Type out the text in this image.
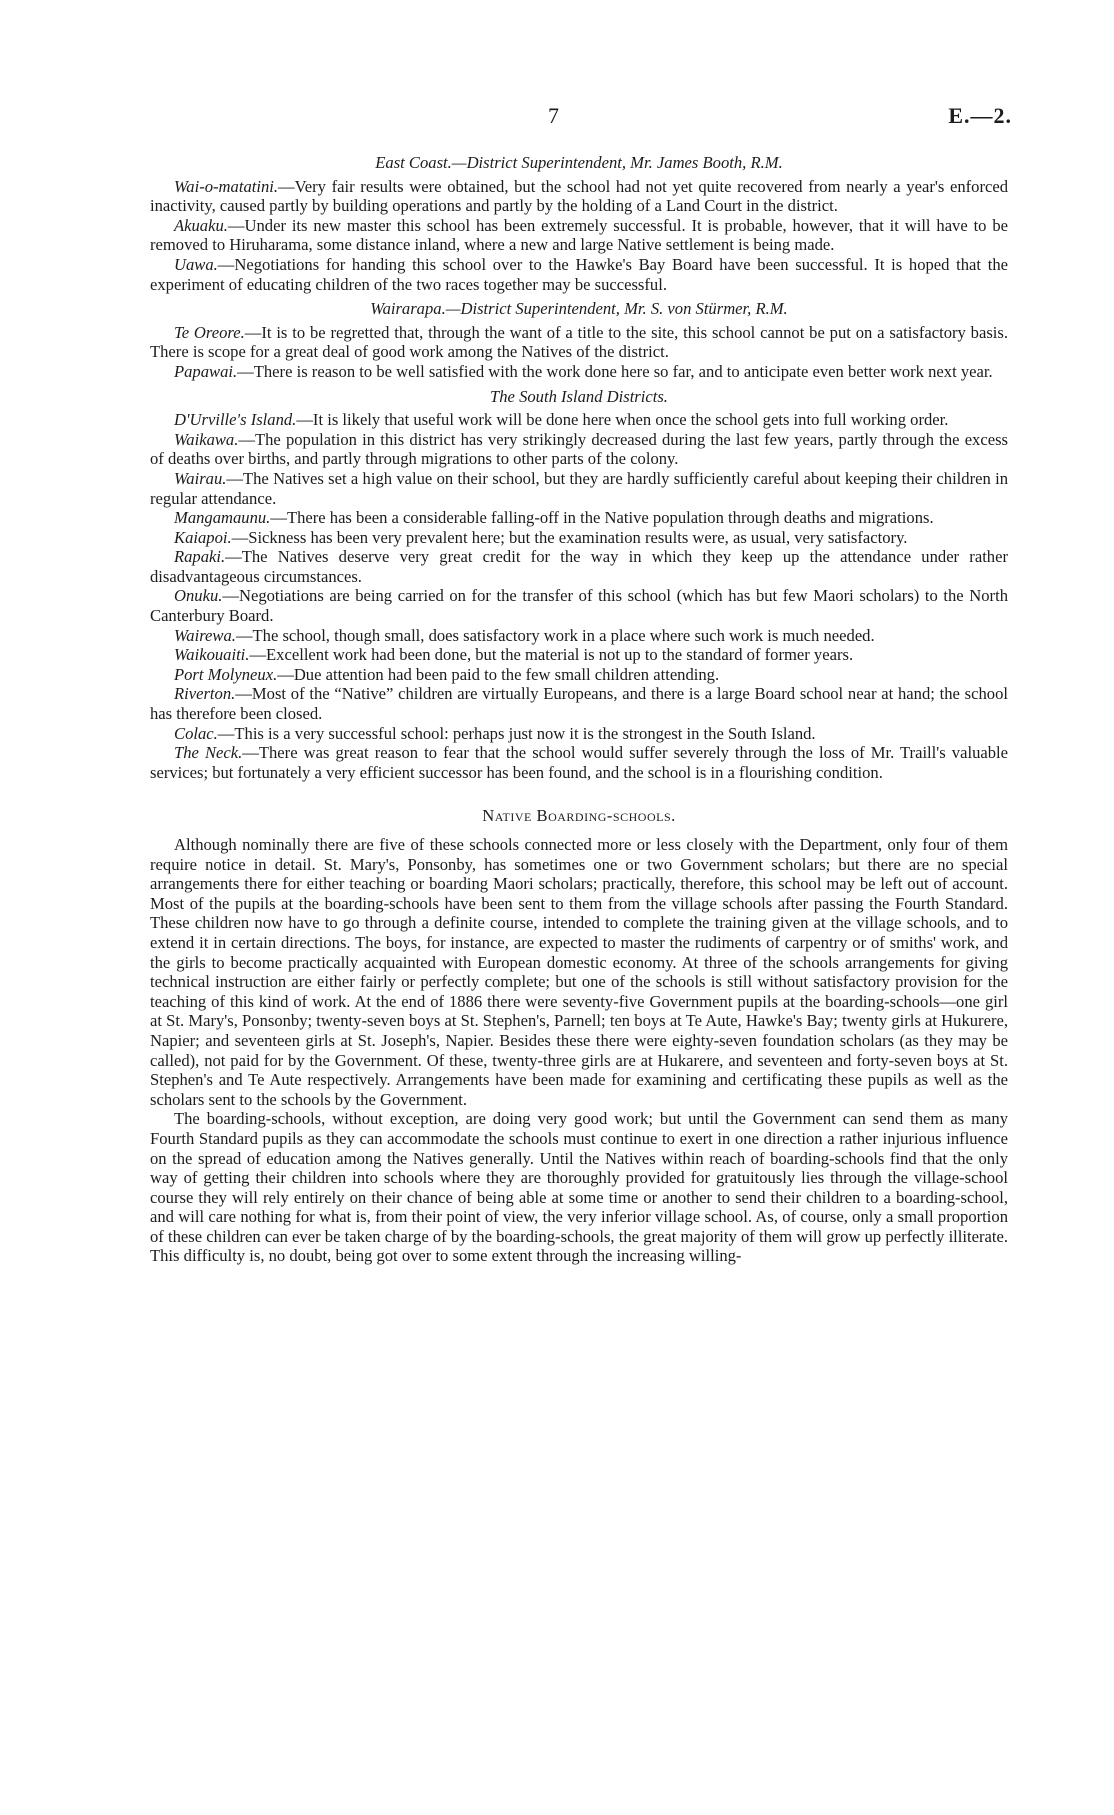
7	E.—2.

East Coast.—District Superintendent, Mr. James Booth, R.M.

Wai-o-matatini.—Very fair results were obtained, but the school had not yet quite recovered from nearly a year's enforced inactivity, caused partly by building operations and partly by the holding of a Land Court in the district.

Akuaku.—Under its new master this school has been extremely successful. It is probable, however, that it will have to be removed to Hiruharama, some distance inland, where a new and large Native settlement is being made.

Uawa.—Negotiations for handing this school over to the Hawke's Bay Board have been successful. It is hoped that the experiment of educating children of the two races together may be successful.

Wairarapa.—District Superintendent, Mr. S. von Stürmer, R.M.

Te Oreore.—It is to be regretted that, through the want of a title to the site, this school cannot be put on a satisfactory basis. There is scope for a great deal of good work among the Natives of the district.

Papawai.—There is reason to be well satisfied with the work done here so far, and to anticipate even better work next year.

The South Island Districts.

D'Urville's Island.—It is likely that useful work will be done here when once the school gets into full working order.

Waikawa.—The population in this district has very strikingly decreased during the last few years, partly through the excess of deaths over births, and partly through migrations to other parts of the colony.

Wairau.—The Natives set a high value on their school, but they are hardly sufficiently careful about keeping their children in regular attendance.

Mangamaunu.—There has been a considerable falling-off in the Native population through deaths and migrations.

Kaiapoi.—Sickness has been very prevalent here; but the examination results were, as usual, very satisfactory.

Rapaki.—The Natives deserve very great credit for the way in which they keep up the attendance under rather disadvantageous circumstances.

Onuku.—Negotiations are being carried on for the transfer of this school (which has but few Maori scholars) to the North Canterbury Board.

Wairewa.—The school, though small, does satisfactory work in a place where such work is much needed.

Waikouaiti.—Excellent work had been done, but the material is not up to the standard of former years.

Port Molyneux.—Due attention had been paid to the few small children attending.

Riverton.—Most of the “Native” children are virtually Europeans, and there is a large Board school near at hand; the school has therefore been closed.

Colac.—This is a very successful school: perhaps just now it is the strongest in the South Island.

The Neck.—There was great reason to fear that the school would suffer severely through the loss of Mr. Traill's valuable services; but fortunately a very efficient successor has been found, and the school is in a flourishing condition.

Native Boarding-schools.

Although nominally there are five of these schools connected more or less closely with the Department, only four of them require notice in detail. St. Mary's, Ponsonby, has sometimes one or two Government scholars; but there are no special arrangements there for either teaching or boarding Maori scholars; practically, therefore, this school may be left out of account. Most of the pupils at the boarding-schools have been sent to them from the village schools after passing the Fourth Standard. These children now have to go through a definite course, intended to complete the training given at the village schools, and to extend it in certain directions. The boys, for instance, are expected to master the rudiments of carpentry or of smiths' work, and the girls to become practically acquainted with European domestic economy. At three of the schools arrangements for giving technical instruction are either fairly or perfectly complete; but one of the schools is still without satisfactory provision for the teaching of this kind of work. At the end of 1886 there were seventy-five Government pupils at the boarding-schools—one girl at St. Mary's, Ponsonby; twenty-seven boys at St. Stephen's, Parnell; ten boys at Te Aute, Hawke's Bay; twenty girls at Hukurere, Napier; and seventeen girls at St. Joseph's, Napier. Besides these there were eighty-seven foundation scholars (as they may be called), not paid for by the Government. Of these, twenty-three girls are at Hukarere, and seventeen and forty-seven boys at St. Stephen's and Te Aute respectively. Arrangements have been made for examining and certificating these pupils as well as the scholars sent to the schools by the Government.

The boarding-schools, without exception, are doing very good work; but until the Government can send them as many Fourth Standard pupils as they can accommodate the schools must continue to exert in one direction a rather injurious influence on the spread of education among the Natives generally. Until the Natives within reach of boarding-schools find that the only way of getting their children into schools where they are thoroughly provided for gratuitously lies through the village-school course they will rely entirely on their chance of being able at some time or another to send their children to a boarding-school, and will care nothing for what is, from their point of view, the very inferior village school. As, of course, only a small proportion of these children can ever be taken charge of by the boarding-schools, the great majority of them will grow up perfectly illiterate. This difficulty is, no doubt, being got over to some extent through the increasing willing-
